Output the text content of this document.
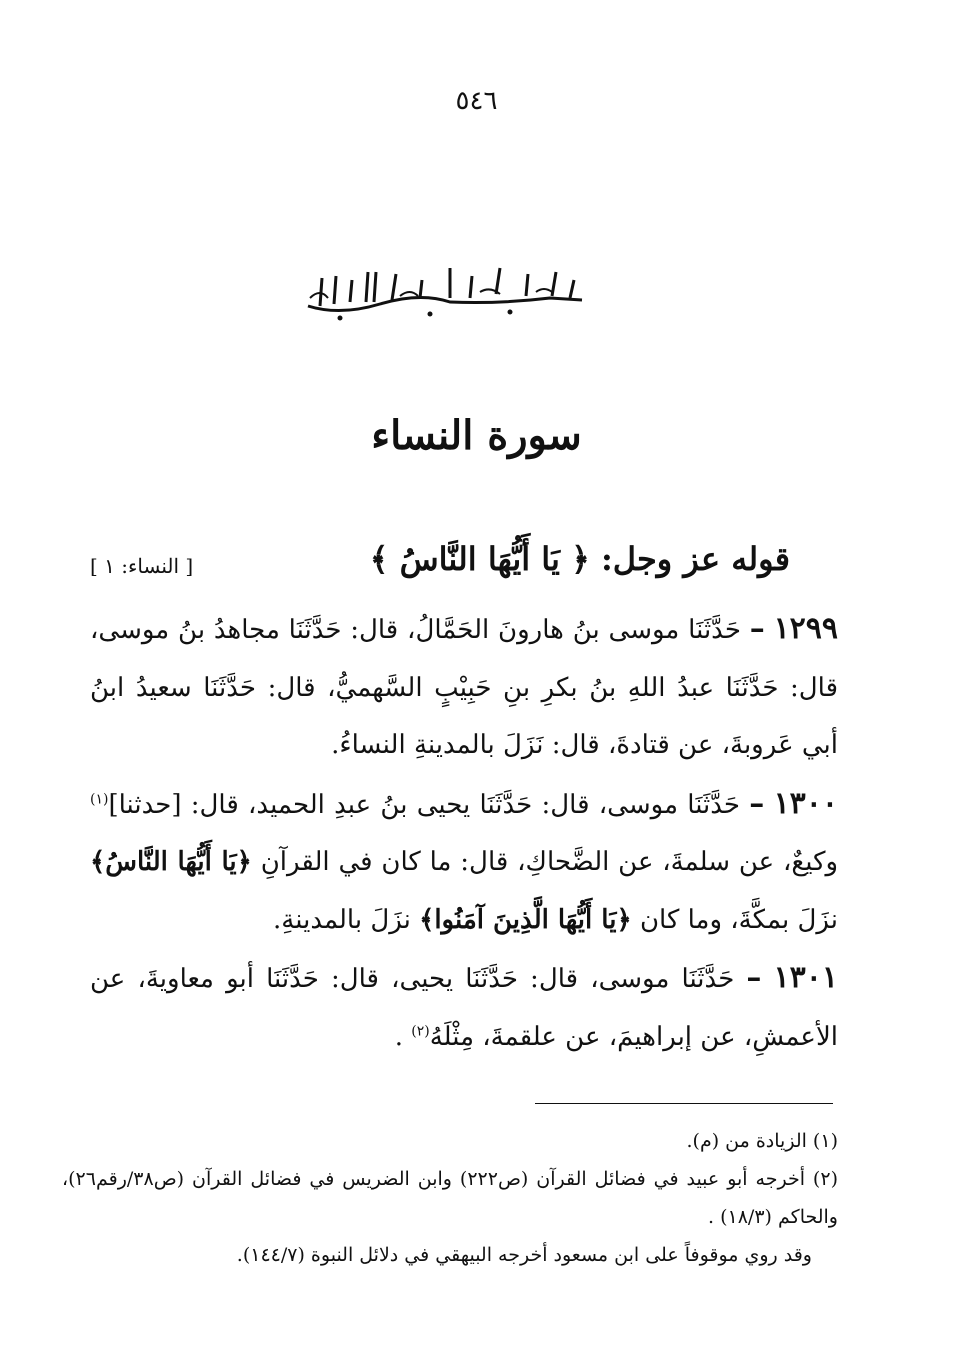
٥٤٦
سورة النساء
قوله عز وجل: ﴿ يَا أَيُّهَا النَّاسُ ﴾
[ النساء: ١ ]

١٢٩٩ – حَدَّثَنَا موسى بنُ هارونَ الحَمَّالُ، قال: حَدَّثَنَا مجاهدُ بنُ موسى، قال: حَدَّثَنَا عبدُ اللهِ بنُ بكرِ بنِ حَبِيْبٍ السَّهميُّ، قال: حَدَّثَنَا سعيدُ ابنُ أبي عَروبةَ، عن قتادةَ، قال: نَزَلَ بالمدينةِ النساءُ.

١٣٠٠ – حَدَّثَنَا موسى، قال: حَدَّثَنَا يحيى بنُ عبدِ الحميد، قال: [حدثنا]$^{(١)}$ وكيعٌ، عن سلمةَ، عن الضَّحاكِ، قال: ما كان في القرآنِ ﴿يَا أَيُّهَا النَّاسُ﴾ نزَلَ بمكَّةَ، وما كان ﴿يَا أَيُّهَا الَّذِينَ آمَنُوا﴾ نزَلَ بالمدينةِ.

١٣٠١ – حَدَّثَنَا موسى، قال: حَدَّثَنَا يحيى، قال: حَدَّثَنَا أبو معاويةَ، عن الأعمشِ، عن إبراهيمَ، عن علقمةَ، مِثْلَهُ$^{(٢)}$ .

(١) الزيادة من (م).

(٢) أخرجه أبو عبيد في فضائل القرآن (ص٢٢٢) وابن الضريس في فضائل القرآن (ص٣٨/رقم٢٦)، والحاكم (١٨/٣) .

وقد روي موقوفاً على ابن مسعود أخرجه البيهقي في دلائل النبوة (١٤٤/٧).
